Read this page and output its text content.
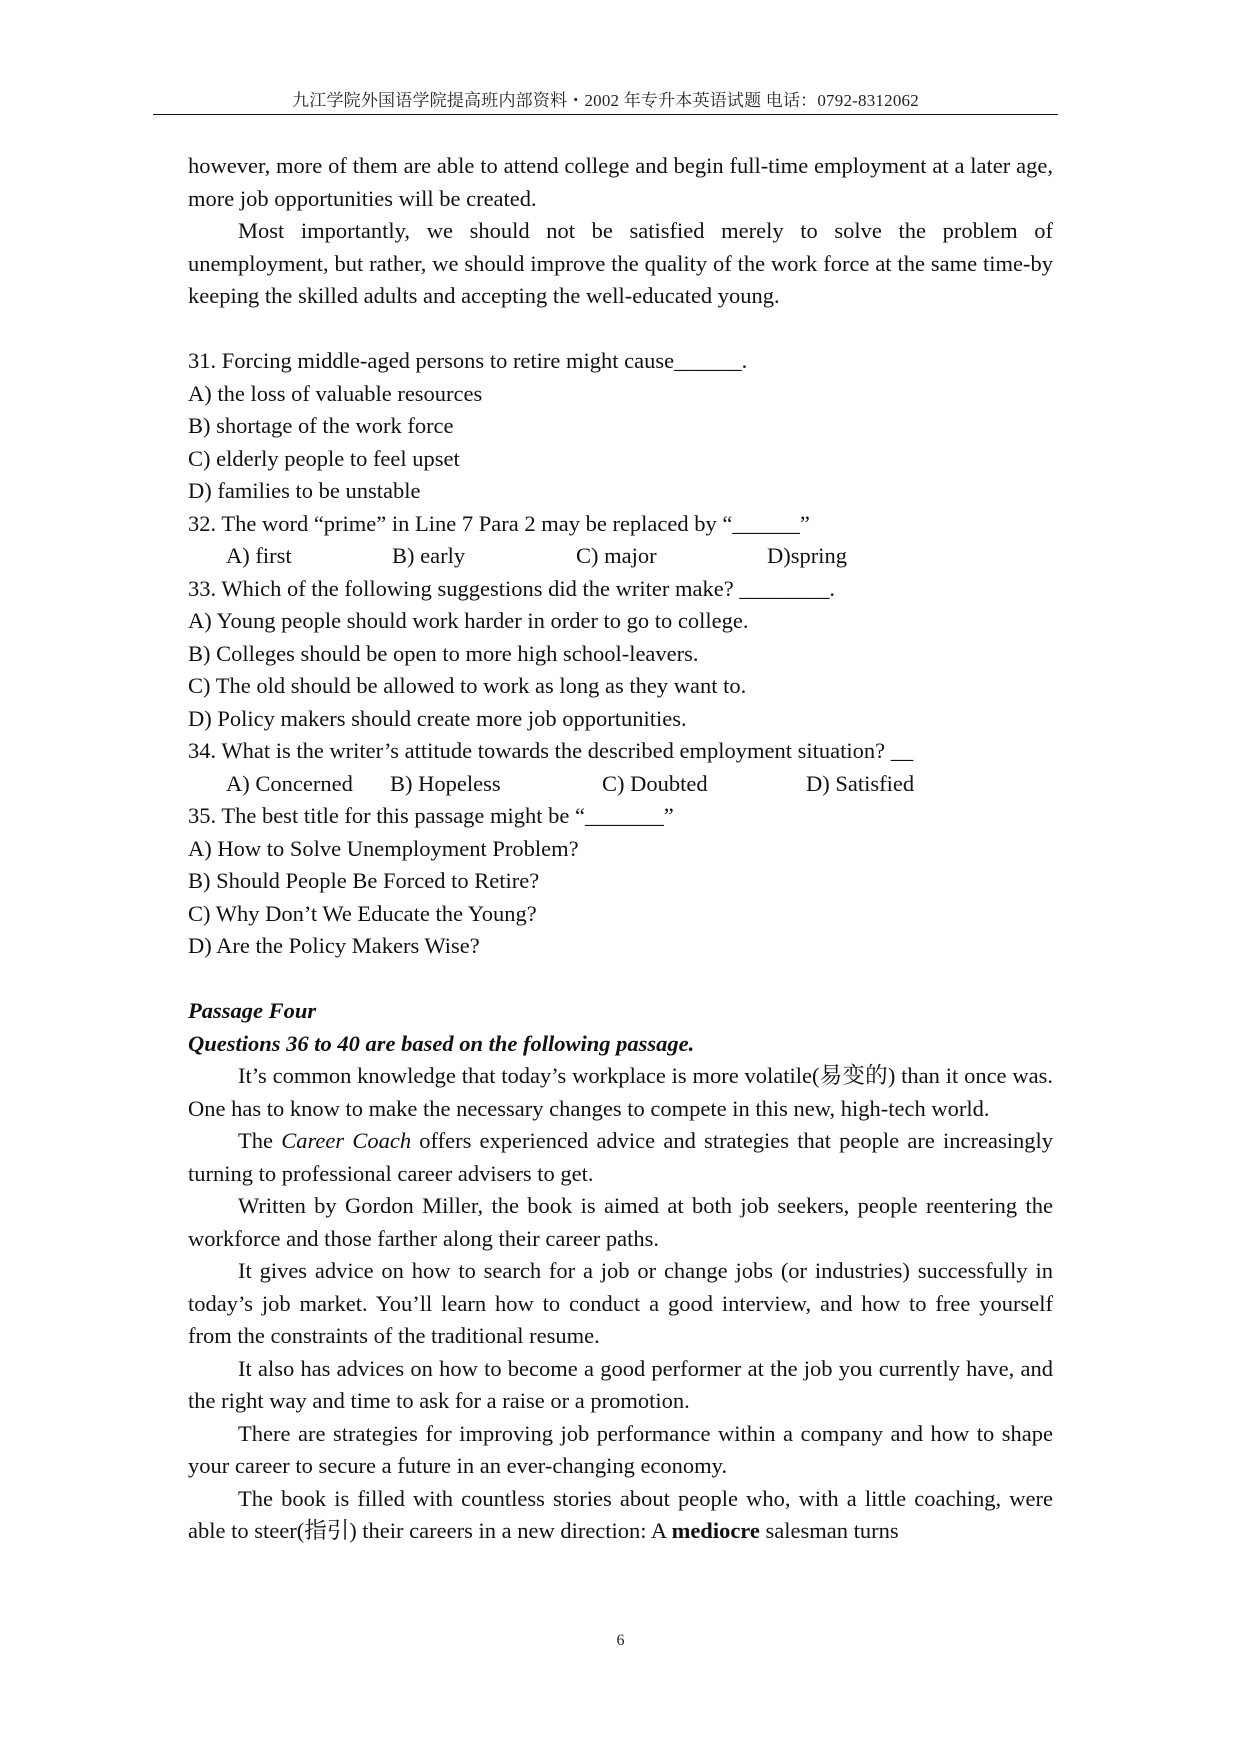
九江学院外国语学院提高班内部资料・2002 年专升本英语试题 电话：0792-8312062

however, more of them are able to attend college and begin full-time employment at a later age, more job opportunities will be created.

Most importantly, we should not be satisfied merely to solve the problem of unemployment, but rather, we should improve the quality of the work force at the same time-by keeping the skilled adults and accepting the well-educated young.

31. Forcing middle-aged persons to retire might cause______.

A) the loss of valuable resources

B) shortage of the work force

C) elderly people to feel upset

D) families to be unstable

32. The word “prime” in Line 7 Para 2 may be replaced by “______”

A) first	B) early	C) major	D)spring

33. Which of the following suggestions did the writer make? ________.

A) Young people should work harder in order to go to college.

B) Colleges should be open to more high school-leavers.

C) The old should be allowed to work as long as they want to.

D) Policy makers should create more job opportunities.

34. What is the writer’s attitude towards the described employment situation? __

A) Concerned	B) Hopeless	C) Doubted	D) Satisfied

35. The best title for this passage might be “_______”

A) How to Solve Unemployment Problem?

B) Should People Be Forced to Retire?

C) Why Don’t We Educate the Young?

D) Are the Policy Makers Wise?

Passage Four

Questions 36 to 40 are based on the following passage.

It’s common knowledge that today’s workplace is more volatile(易变的) than it once was. One has to know to make the necessary changes to compete in this new, high-tech world.

The Career Coach offers experienced advice and strategies that people are increasingly turning to professional career advisers to get.

Written by Gordon Miller, the book is aimed at both job seekers, people reentering the workforce and those farther along their career paths.

It gives advice on how to search for a job or change jobs (or industries) successfully in today’s job market. You’ll learn how to conduct a good interview, and how to free yourself from the constraints of the traditional resume.

It also has advices on how to become a good performer at the job you currently have, and the right way and time to ask for a raise or a promotion.

There are strategies for improving job performance within a company and how to shape your career to secure a future in an ever-changing economy.

The book is filled with countless stories about people who, with a little coaching, were able to steer(指引) their careers in a new direction: A mediocre salesman turns

6
